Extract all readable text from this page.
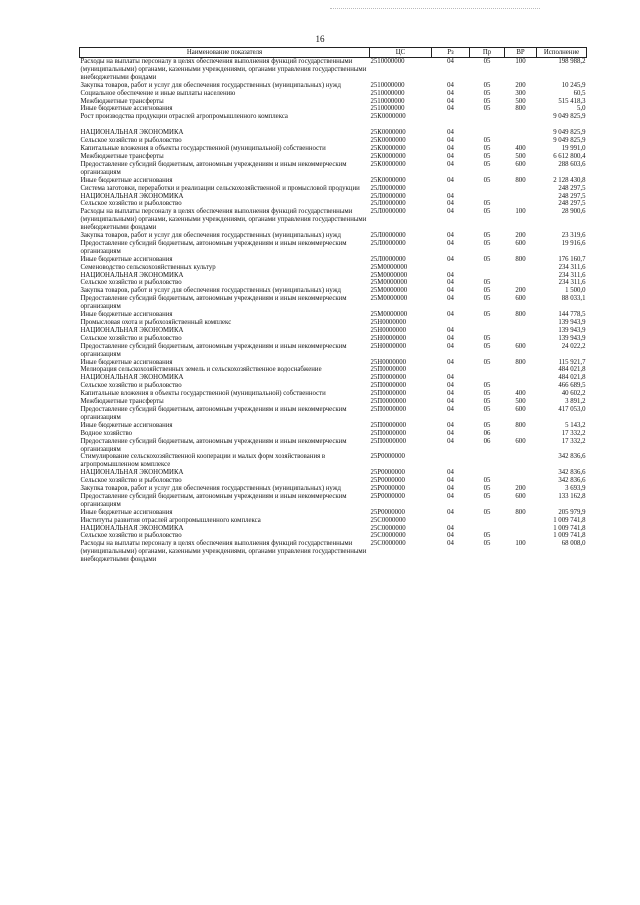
16
Наименование показателя	ЦС	Рз	Пр	ВР	Исполнение
Расходы на выплаты персоналу в целях обеспечения выполнения функций государственными (муниципальными) органами, казенными учреждениями, органами управления государственными внебюджетными фондами	2510000000	04	05	100	198 988,2
Закупка товаров, работ и услуг для обеспечения государственных (муниципальных) нужд	2510000000	04	05	200	10 245,9
Социальное обеспечение и иные выплаты населению	2510000000	04	05	300	60,5
Межбюджетные трансферты	2510000000	04	05	500	515 418,3
Иные бюджетные ассигнования	2510000000	04	05	800	5,0
Рост производства продукции отраслей агропромышленного комплекса	25К0000000				9 049 825,9

НАЦИОНАЛЬНАЯ ЭКОНОМИКА	25К0000000	04			9 049 825,9
Сельское хозяйство и рыболовство	25К0000000	04	05		9 049 825,9
Капитальные вложения в объекты государственной (муниципальной) собственности	25К0000000	04	05	400	19 991,0
Межбюджетные трансферты	25К0000000	04	05	500	6 612 800,4
Предоставление субсидий бюджетным, автономным учреждениям и иным некоммерческим организациям	25К0000000	04	05	600	288 603,6
Иные бюджетные ассигнования	25К0000000	04	05	800	2 128 430,8
Система заготовки, переработки и реализации сельскохозяйственной и промысловой продукции	25Л0000000				248 297,5
НАЦИОНАЛЬНАЯ ЭКОНОМИКА	25Л0000000	04			248 297,5
Сельское хозяйство и рыболовство	25Л0000000	04	05		248 297,5
Расходы на выплаты персоналу в целях обеспечения выполнения функций государственными (муниципальными) органами, казенными учреждениями, органами управления государственными внебюджетными фондами	25Л0000000	04	05	100	28 900,6
Закупка товаров, работ и услуг для обеспечения государственных (муниципальных) нужд	25Л0000000	04	05	200	23 319,6
Предоставление субсидий бюджетным, автономным учреждениям и иным некоммерческим организациям	25Л0000000	04	05	600	19 916,6
Иные бюджетные ассигнования	25Л0000000	04	05	800	176 160,7
Семеноводство сельскохозяйственных культур	25М0000000				234 311,6
НАЦИОНАЛЬНАЯ ЭКОНОМИКА	25М0000000	04			234 311,6
Сельское хозяйство и рыболовство	25М0000000	04	05		234 311,6
Закупка товаров, работ и услуг для обеспечения государственных (муниципальных) нужд	25М0000000	04	05	200	1 500,0
Предоставление субсидий бюджетным, автономным учреждениям и иным некоммерческим организациям	25М0000000	04	05	600	88 033,1
Иные бюджетные ассигнования	25М0000000	04	05	800	144 778,5
Промысловая охота и рыбохозяйственный комплекс	25Н0000000				139 943,9
НАЦИОНАЛЬНАЯ ЭКОНОМИКА	25Н0000000	04			139 943,9
Сельское хозяйство и рыболовство	25Н0000000	04	05		139 943,9
Предоставление субсидий бюджетным, автономным учреждениям и иным некоммерческим организациям	25Н0000000	04	05	600	24 022,2
Иные бюджетные ассигнования	25Н0000000	04	05	800	115 921,7
Мелиорация сельскохозяйственных земель и сельскохозяйственное водоснабжение	25П0000000				484 021,8
НАЦИОНАЛЬНАЯ ЭКОНОМИКА	25П0000000	04			484 021,8
Сельское хозяйство и рыболовство	25П0000000	04	05		466 689,5
Капитальные вложения в объекты государственной (муниципальной) собственности	25П0000000	04	05	400	40 602,2
Межбюджетные трансферты	25П0000000	04	05	500	3 891,2
Предоставление субсидий бюджетным, автономным учреждениям и иным некоммерческим организациям	25П0000000	04	05	600	417 053,0
Иные бюджетные ассигнования	25П0000000	04	05	800	5 143,2
Водное хозяйство	25П0000000	04	06		17 332,2
Предоставление субсидий бюджетным, автономным учреждениям и иным некоммерческим организациям	25П0000000	04	06	600	17 332,2
Стимулирование сельскохозяйственной кооперации и малых форм хозяйствования в агропромышленном комплексе	25Р0000000				342 836,6
НАЦИОНАЛЬНАЯ ЭКОНОМИКА	25Р0000000	04			342 836,6
Сельское хозяйство и рыболовство	25Р0000000	04	05		342 836,6
Закупка товаров, работ и услуг для обеспечения государственных (муниципальных) нужд	25Р0000000	04	05	200	3 693,9
Предоставление субсидий бюджетным, автономным учреждениям и иным некоммерческим организациям	25Р0000000	04	05	600	133 162,8
Иные бюджетные ассигнования	25Р0000000	04	05	800	205 979,9
Институты развития отраслей агропромышленного комплекса	25С0000000				1 009 741,8
НАЦИОНАЛЬНАЯ ЭКОНОМИКА	25С0000000	04			1 009 741,8
Сельское хозяйство и рыболовство	25С0000000	04	05		1 009 741,8
Расходы на выплаты персоналу в целях обеспечения выполнения функций государственными (муниципальными) органами, казенными учреждениями, органами управления государственными внебюджетными фондами	25С0000000	04	05	100	68 008,0
